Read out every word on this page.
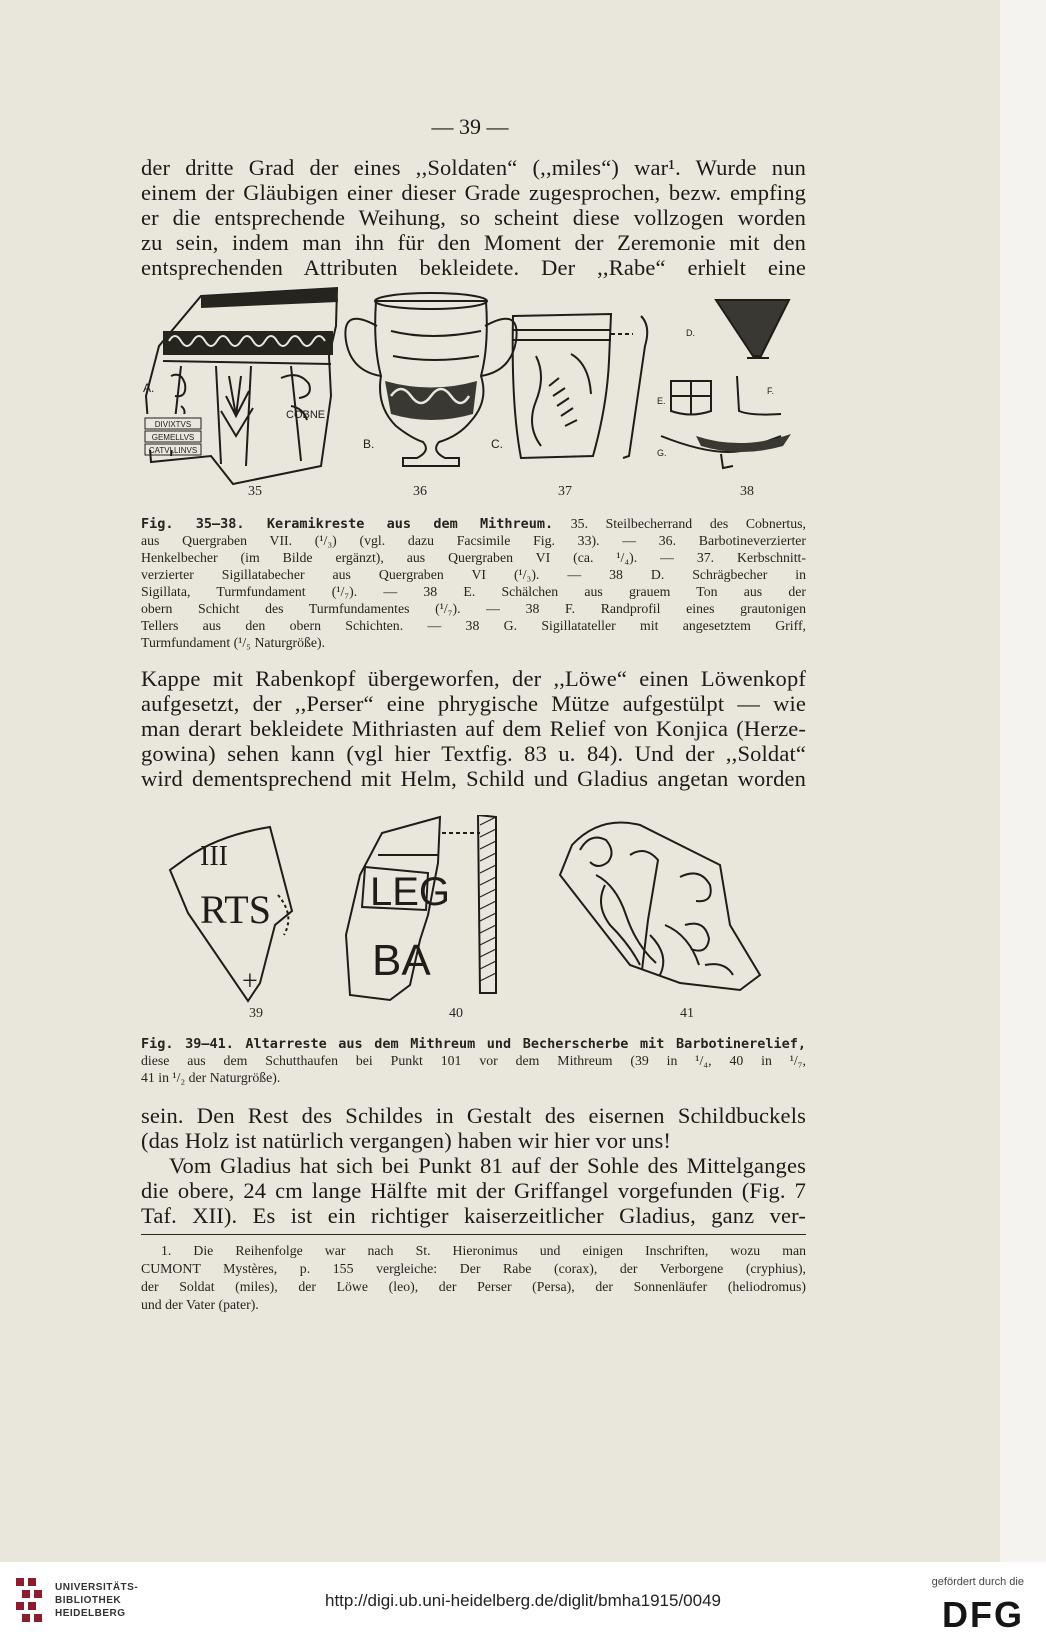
— 39 —
der dritte Grad der eines ,,Soldaten“ (,,miles“) war¹. Wurde nun
einem der Gläubigen einer dieser Grade zugesprochen, bezw. empfing
er die entsprechende Weihung, so scheint diese vollzogen worden
zu sein, indem man ihn für den Moment der Zeremonie mit den
entsprechenden Attributen bekleidete. Der ,,Rabe“ erhielt eine
DIVIXTVS
GEMELLVS
CATVLLINVS
COBNE
A.
B.	C.
D.
E.
F.
G.
35	36	37	38
Fig. 35—38. Keramikreste aus dem Mithreum. 35. Steilbecherrand des Cobnertus,
aus Quergraben VII. (¹/₃) (vgl. dazu Facsimile Fig. 33). — 36. Barbotineverzierter
Henkelbecher (im Bilde ergänzt), aus Quergraben VI (ca. ¹/₄). — 37. Kerbschnitt-
verzierter Sigillatabecher aus Quergraben VI (¹/₃). — 38 D. Schrägbecher in
Sigillata, Turmfundament (¹/₇). — 38 E. Schälchen aus grauem Ton aus der
obern Schicht des Turmfundamentes (¹/₇). — 38 F. Randprofil eines grautonigen
Tellers aus den obern Schichten. — 38 G. Sigillatateller mit angesetztem Griff,
Turmfundament (¹/₅ Naturgröße).
Kappe mit Rabenkopf übergeworfen, der ,,Löwe“ einen Löwenkopf
aufgesetzt, der ,,Perser“ eine phrygische Mütze aufgestülpt — wie
man derart bekleidete Mithriasten auf dem Relief von Konjica (Herze-
gowina) sehen kann (vgl hier Textfig. 83 u. 84). Und der ,,Soldat“
wird dementsprechend mit Helm, Schild und Gladius angetan worden
III
RTS
+
LEG
BA
39	40	41
Fig. 39—41. Altarreste aus dem Mithreum und Becherscherbe mit Barbotinerelief,
diese aus dem Schutthaufen bei Punkt 101 vor dem Mithreum (39 in ¹/₄, 40 in ¹/₇,
41 in ¹/₂ der Naturgröße).
sein. Den Rest des Schildes in Gestalt des eisernen Schildbuckels
(das Holz ist natürlich vergangen) haben wir hier vor uns!
Vom Gladius hat sich bei Punkt 81 auf der Sohle des Mittelganges
die obere, 24 cm lange Hälfte mit der Griffangel vorgefunden (Fig. 7
Taf. XII). Es ist ein richtiger kaiserzeitlicher Gladius, ganz ver-
1. Die Reihenfolge war nach St. Hieronimus und einigen Inschriften, wozu man
CUMONT Mystères, p. 155 vergleiche: Der Rabe (corax), der Verborgene (cryphius),
der Soldat (miles), der Löwe (leo), der Perser (Persa), der Sonnenläufer (heliodromus)
und der Vater (pater).
UNIVERSITÄTS-
BIBLIOTHEK
HEIDELBERG
http://digi.ub.uni-heidelberg.de/diglit/bmha1915/0049
gefördert durch die
DFG
